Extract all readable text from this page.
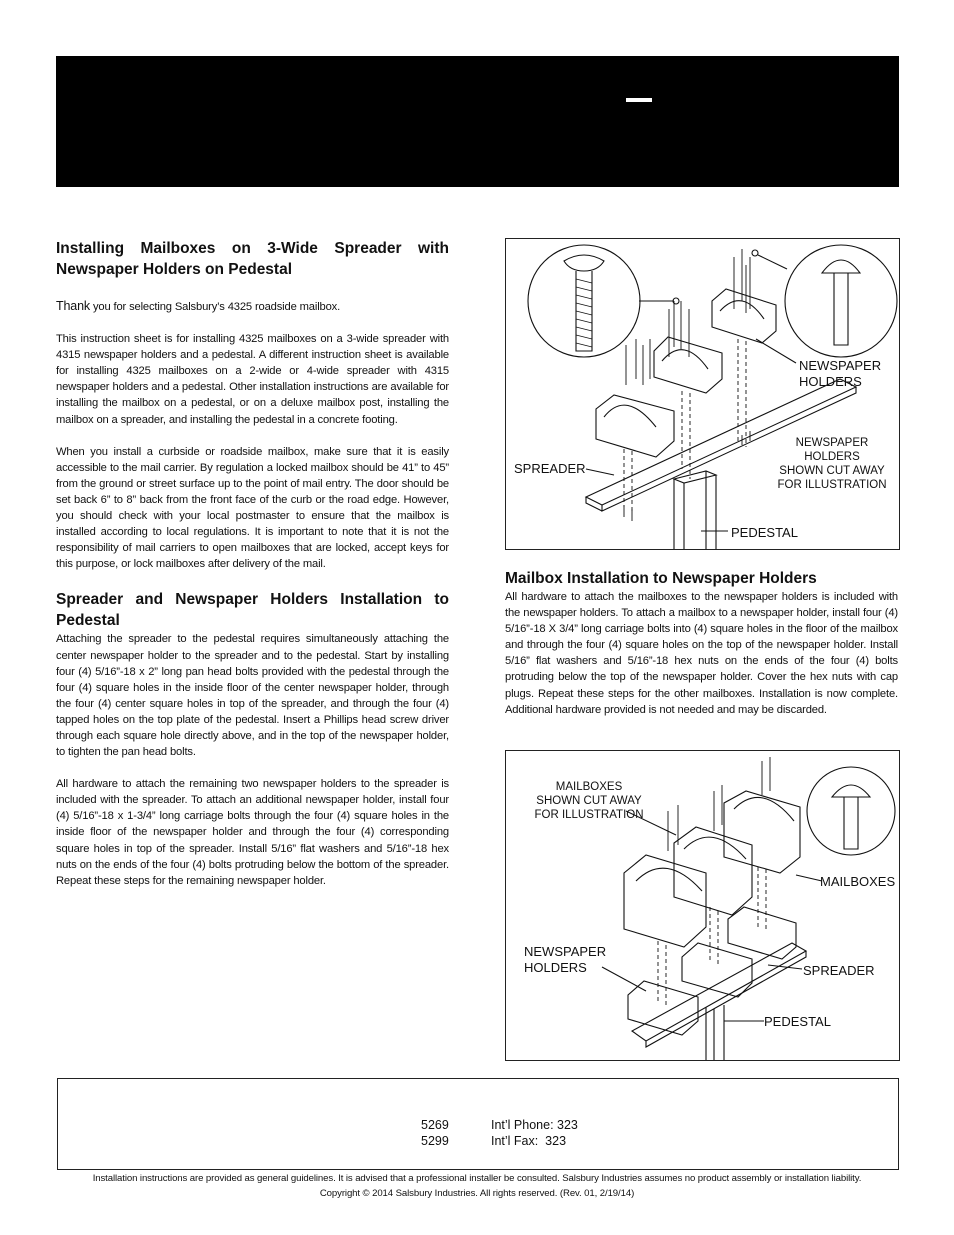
Installing Mailboxes on 3-Wide Spreader with Newspaper Holders on Pedestal

Thank you for selecting Salsbury’s 4325 roadside mailbox.

This instruction sheet is for installing 4325 mailboxes on a 3-wide spreader with 4315 newspaper holders and a pedestal. A different instruction sheet is available for installing 4325 mailboxes on a 2-wide or 4-wide spreader with 4315 newspaper holders and a pedestal. Other installation instructions are available for installing the mailbox on a pedestal, or on a deluxe mailbox post, installing the mailbox on a spreader, and installing the pedestal in a concrete footing.

When you install a curbside or roadside mailbox, make sure that it is easily accessible to the mail carrier. By regulation a locked mailbox should be 41” to 45” from the ground or street surface up to the point of mail entry. The door should be set back 6” to 8” back from the front face of the curb or the road edge. However, you should check with your local postmaster to ensure that the mailbox is installed according to local regulations. It is important to note that it is not the responsibility of mail carriers to open mailboxes that are locked, accept keys for this purpose, or lock mailboxes after delivery of the mail.

Spreader and Newspaper Holders Installation to Pedestal

Attaching the spreader to the pedestal requires simultaneously attaching the center newspaper holder to the spreader and to the pedestal. Start by installing four (4) 5/16”-18 x 2” long pan head bolts provided with the pedestal through the four (4) square holes in the inside floor of the center newspaper holder, through the four (4) center square holes in top of the spreader, and through the four (4) tapped holes on the top plate of the pedestal. Insert a Phillips head screw driver through each square hole directly above, and in the top of the newspaper holder, to tighten the pan head bolts.

All hardware to attach the remaining two newspaper holders to the spreader is included with the spreader. To attach an additional newspaper holder, install four (4) 5/16”-18 x 1-3/4” long carriage bolts through the four (4) square holes in the inside floor of the newspaper holder and through the four (4) corresponding square holes in top of the spreader. Install 5/16” flat washers and 5/16”-18 hex nuts on the ends of the four (4) bolts protruding below the bottom of the spreader. Repeat these steps for the remaining newspaper holder.

NEWSPAPER
HOLDERS
NEWSPAPER
HOLDERS
SHOWN CUT AWAY
FOR ILLUSTRATION
SPREADER
PEDESTAL
Mailbox Installation to Newspaper Holders

All hardware to attach the mailboxes to the newspaper holders is included with the newspaper holders. To attach a mailbox to a newspaper holder, install four (4) 5/16”-18 X 3/4” long carriage bolts into (4) square holes in the floor of the mailbox and through the four (4) square holes on the top of the newspaper holder. Install 5/16” flat washers and 5/16”-18 hex nuts on the ends of the four (4) bolts protruding below the top of the newspaper holder. Cover the hex nuts with cap plugs. Repeat these steps for the other mailboxes. Installation is now complete. Additional hardware provided is not needed and may be discarded.

MAILBOXES
SHOWN CUT AWAY
FOR ILLUSTRATION
MAILBOXES
NEWSPAPER
HOLDERS	SPREADER
PEDESTAL
5269	Int’l Phone: 323
5299	Int’l Fax:  323
Installation instructions are provided as general guidelines. It is advised that a professional installer be consulted. Salsbury Industries assumes no product assembly or installation liability.
Copyright © 2014 Salsbury Industries. All rights reserved. (Rev. 01, 2/19/14)
